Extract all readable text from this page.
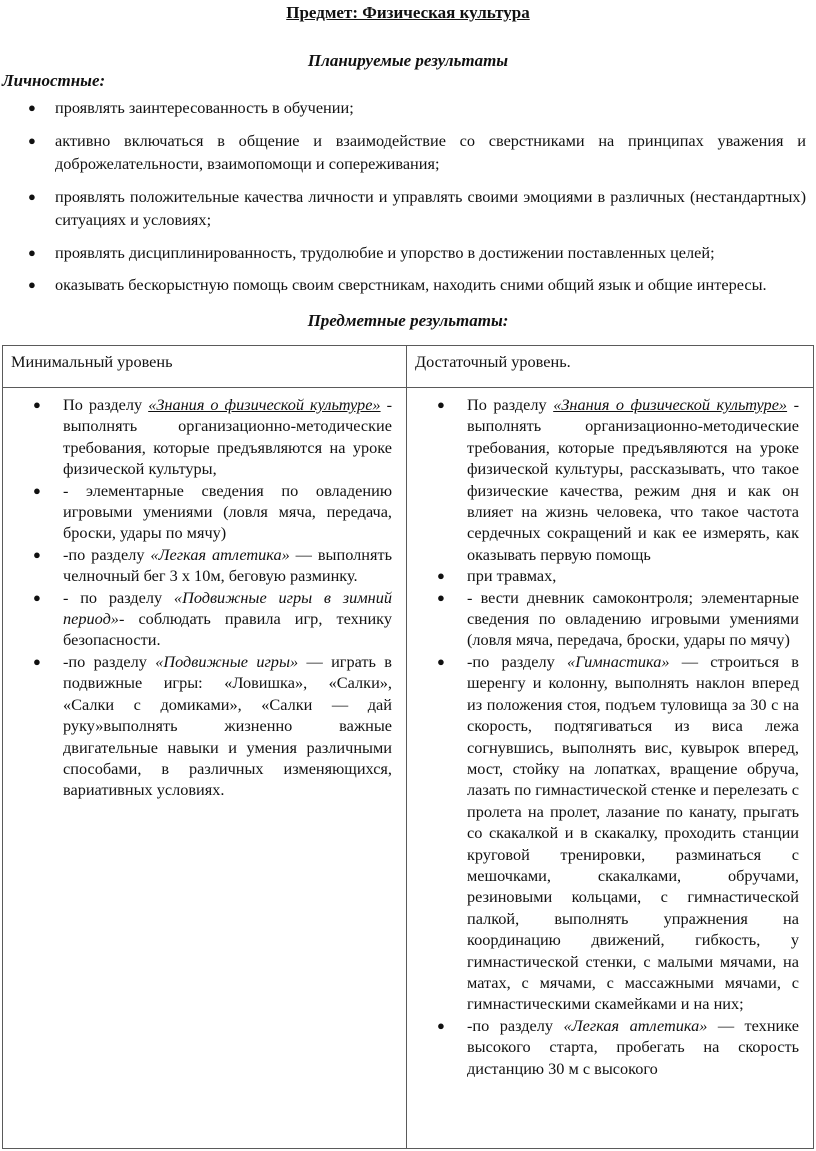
Предмет: Физическая культура
Планируемые результаты
Личностные:
● проявлять заинтересованность в обучении;
● активно включаться в общение и взаимодействие со сверстниками на принципах уважения и доброжелательности, взаимопомощи и сопереживания;
● проявлять положительные качества личности и управлять своими эмоциями в различных (нестандартных) ситуациях и условиях;
● проявлять дисциплинированность, трудолюбие и упорство в достижении поставленных целей;
● оказывать бескорыстную помощь своим сверстникам, находить сними общий язык и общие интересы.
Предметные результаты:
Минимальный уровень	Достаточный уровень.

● По разделу «Знания о физической культуре» - выполнять организационно-методические требования, которые предъявляются на уроке физической культуры,
● - элементарные сведения по овладению игровыми умениями (ловля мяча, передача, броски, удары по мячу)
● -по разделу «Легкая атлетика» — выполнять челночный бег 3 х 10м, беговую разминку.
● - по разделу «Подвижные игры в зимний период»- соблюдать правила игр, технику безопасности.
● -по разделу «Подвижные игры» — играть в подвижные игры: «Ловишка», «Салки», «Салки с домиками», «Салки — дай руку»выполнять жизненно важные двигательные навыки и умения различными способами, в различных изменяющихся, вариативных условиях.

● По разделу «Знания о физической культуре» - выполнять организационно-методические требования, которые предъявляются на уроке физической культуры, рассказывать, что такое физические качества, режим дня и как он влияет на жизнь человека, что такое частота сердечных сокращений и как ее измерять, как оказывать первую помощь
● при травмах,
● - вести дневник самоконтроля; элементарные сведения по овладению игровыми умениями (ловля мяча, передача, броски, удары по мячу)
● -по разделу «Гимнастика» — строиться в шеренгу и колонну, выполнять наклон вперед из положения стоя, подъем туловища за 30 с на скорость, подтягиваться из виса лежа согнувшись, выполнять вис, кувырок вперед, мост, стойку на лопатках, вращение обруча, лазать по гимнастической стенке и перелезать с пролета на пролет, лазание по канату, прыгать со скакалкой и в скакалку, проходить станции круговой тренировки, разминаться с мешочками, скакалками, обручами, резиновыми кольцами, с гимнастической палкой, выполнять упражнения на координацию движений, гибкость, у гимнастической стенки, с малыми мячами, на матах, с мячами, с массажными мячами, с гимнастическими скамейками и на них;
● -по разделу «Легкая атлетика» — технике высокого старта, пробегать на скорость дистанцию 30 м с высокого
